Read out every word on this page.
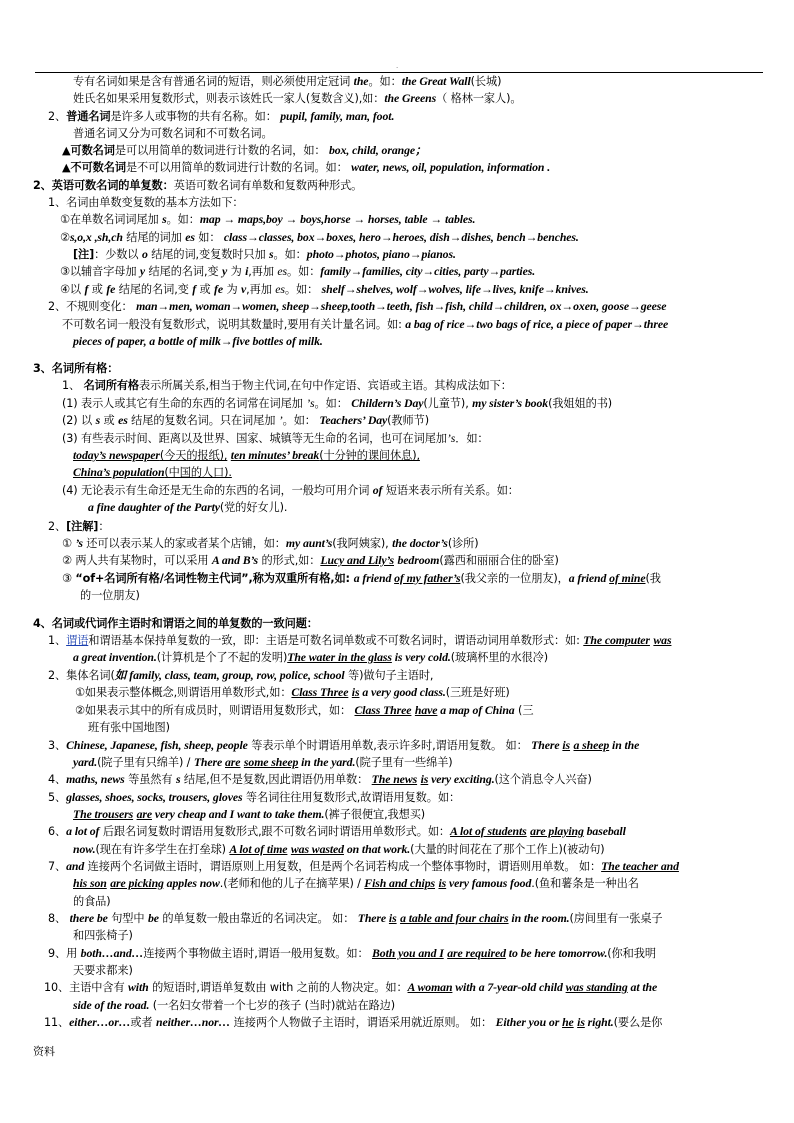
.
专有名词如果是含有普通名词的短语，则必须使用定冠词 the。如：the Great Wall(长城)
姓氏名如果采用复数形式，则表示该姓氏一家人(复数含义),如：the Greens（ 格林一家人)。
2、普通名词是许多人或事物的共有名称。如： pupil, family, man, foot.
普通名词又分为可数名词和不可数名词。
▲可数名词是可以用简单的数词进行计数的名词，如： box, child, orange；
▲不可数名词是不可以用简单的数词进行计数的名词。如： water, news, oil, population, information .
2、英语可数名词的单复数：英语可数名词有单数和复数两种形式。
1、名词由单数变复数的基本方法如下：
①在单数名词词尾加 s。如：map → maps,boy → boys,horse → horses, table → tables.
②s,o,x ,sh,ch 结尾的词加 es 如： class→classes, box→boxes, hero→heroes, dish→dishes, bench→benches.
[注]：少数以 o 结尾的词,变复数时只加 s。如：photo→photos, piano→pianos.
③以辅音字母加 y 结尾的名词,变 y 为 i,再加 es。如：family→families, city→cities, party→parties.
④以 f 或 fe 结尾的名词,变 f 或 fe 为 v,再加 es。如： shelf→shelves, wolf→wolves, life→lives, knife→knives.
2、不规则变化： man→men, woman→women, sheep→sheep,tooth→teeth, fish→fish, child→children, ox→oxen, goose→geese
不可数名词一般没有复数形式，说明其数量时,要用有关计量名词。如: a bag of rice→two bags of rice, a piece of paper→three
pieces of paper, a bottle of milk→five bottles of milk.
3、名词所有格：
1、 名词所有格表示所属关系,相当于物主代词,在句中作定语、宾语或主语。其构成法如下：
(1) 表示人或其它有生命的东西的名词常在词尾加 ’s。如： Childern’s Day(儿童节), my sister’s book(我姐姐的书)
(2) 以 s 或 es 结尾的复数名词。只在词尾加 ’。如： Teachers’ Day(教师节)
(3) 有些表示时间、距离以及世界、国家、城镇等无生命的名词，也可在词尾加’s．如：
today’s newspaper(今天的报纸), ten minutes’ break(十分钟的课间休息),
China’s population(中国的人口).
(4) 无论表示有生命还是无生命的东西的名词，一般均可用介词 of 短语来表示所有关系。如：
a fine daughter of the Party(党的好女儿).
2、[注解]：
① ’s 还可以表示某人的家或者某个店铺，如：my aunt’s(我阿姨家), the doctor’s(诊所)
② 两人共有某物时，可以采用 A and B’s 的形式,如：Lucy and Lily’s bedroom(露西和丽丽合住的卧室)
③ “of+名词所有格/名词性物主代词”,称为双重所有格,如: a friend of my father’s(我父亲的一位朋友)，a friend of mine(我
的一位朋友)
4、名词或代词作主语时和谓语之间的单复数的一致问题：
1、谓语和谓语基本保持单复数的一致，即：主语是可数名词单数或不可数名词时，谓语动词用单数形式：如: The computer was
a great invention.(计算机是个了不起的发明)The water in the glass is very cold.(玻璃杯里的水很冷)
2、集体名词(如 family, class, team, group, row, police, school 等)做句子主语时,
①如果表示整体概念,则谓语用单数形式,如：Class Three is a very good class.(三班是好班)
②如果表示其中的所有成员时，则谓语用复数形式，如： Class Three have a map of China (三
班有张中国地图)
3、Chinese, Japanese, fish, sheep, people 等表示单个时谓语用单数,表示许多时,谓语用复数。 如： There is a sheep in the
yard.(院子里有只绵羊) / There are some sheep in the yard.(院子里有一些绵羊)
4、maths, news 等虽然有 s 结尾,但不是复数,因此谓语仍用单数： The news is very exciting.(这个消息令人兴奋)
5、glasses, shoes, socks, trousers, gloves 等名词往往用复数形式,故谓语用复数。如：
The trousers are very cheap and I want to take them.(裤子很便宜,我想买)
6、a lot of 后跟名词复数时谓语用复数形式,跟不可数名词时谓语用单数形式。如：A lot of students are playing baseball
now.(现在有许多学生在打垒球) A lot of time was wasted on that work.(大量的时间花在了那个工作上)(被动句)
7、and 连接两个名词做主语时，谓语原则上用复数，但是两个名词若构成一个整体事物时，谓语则用单数。 如：The teacher and
his son are picking apples now.(老师和他的儿子在摘苹果) / Fish and chips is very famous food.(鱼和薯条是一种出名
的食品)
8、 there be 句型中 be 的单复数一般由靠近的名词决定。 如： There is a table and four chairs in the room.(房间里有一张桌子
和四张椅子)
9、用 both…and…连接两个事物做主语时,谓语一般用复数。如： Both you and I are required to be here tomorrow.(你和我明
天要求都来)
10、主语中含有 with 的短语时,谓语单复数由 with 之前的人物决定。如：A woman with a 7-year-old child was standing at the
side of the road. (一名妇女带着一个七岁的孩子 (当时)就站在路边)
11、either…or…或者 neither…nor… 连接两个人物做子主语时，谓语采用就近原则。 如： Either you or he is right.(要么是你
资料
